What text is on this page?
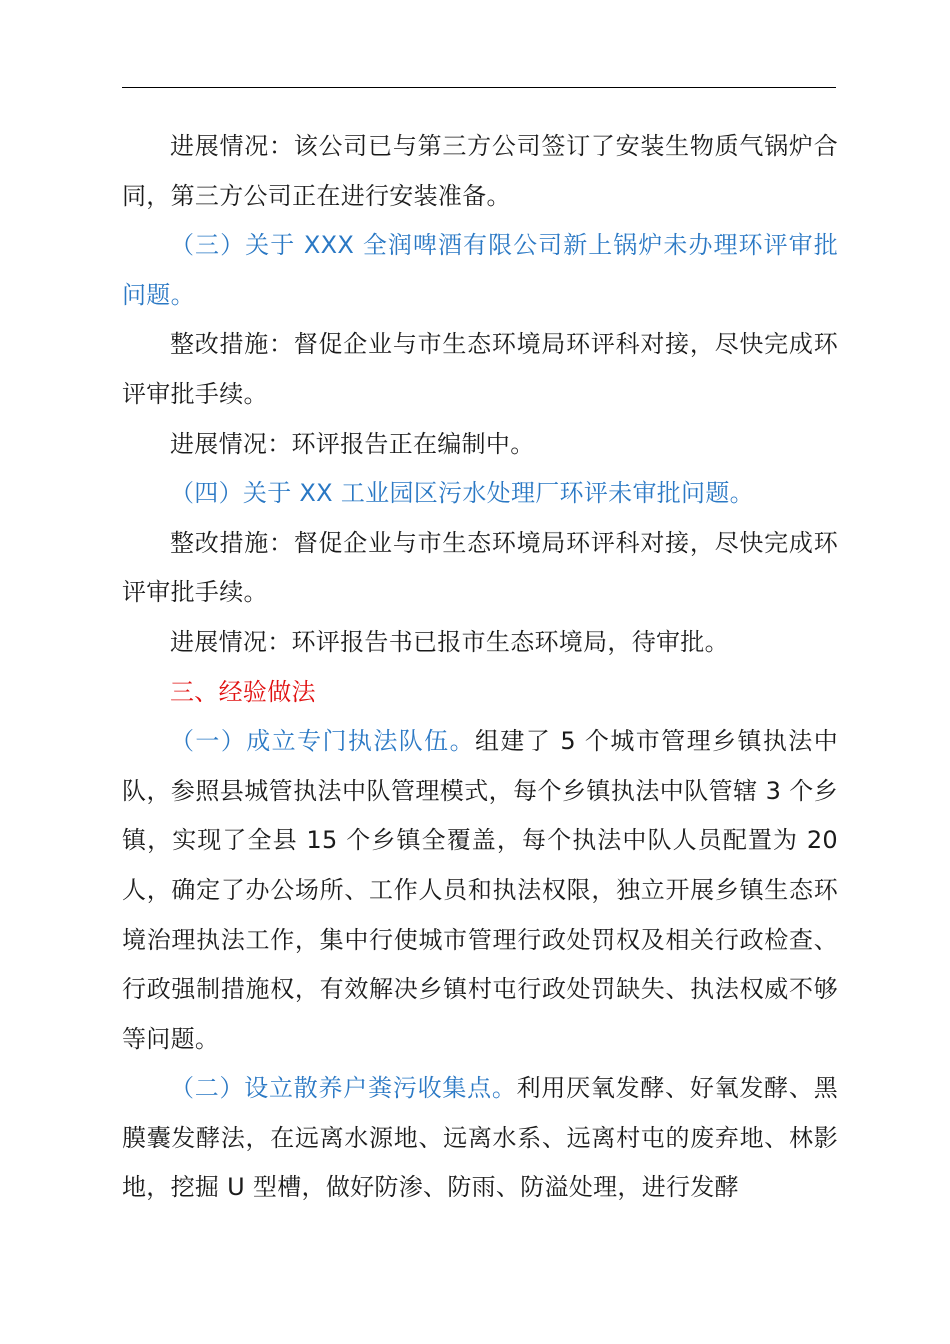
进展情况：该公司已与第三方公司签订了安装生物质气锅炉合同，第三方公司正在进行安装准备。

（三）关于 XXX 全润啤酒有限公司新上锅炉未办理环评审批问题。

整改措施：督促企业与市生态环境局环评科对接，尽快完成环评审批手续。

进展情况：环评报告正在编制中。

（四）关于 XX 工业园区污水处理厂环评未审批问题。

整改措施：督促企业与市生态环境局环评科对接，尽快完成环评审批手续。

进展情况：环评报告书已报市生态环境局，待审批。

三、经验做法

（一）成立专门执法队伍。组建了 5 个城市管理乡镇执法中队，参照县城管执法中队管理模式，每个乡镇执法中队管辖 3 个乡镇，实现了全县 15 个乡镇全覆盖，每个执法中队人员配置为 20 人，确定了办公场所、工作人员和执法权限，独立开展乡镇生态环境治理执法工作，集中行使城市管理行政处罚权及相关行政检查、行政强制措施权，有效解决乡镇村屯行政处罚缺失、执法权威不够等问题。

（二）设立散养户粪污收集点。利用厌氧发酵、好氧发酵、黑膜囊发酵法，在远离水源地、远离水系、远离村屯的废弃地、林影地，挖掘 U 型槽，做好防渗、防雨、防溢处理，进行发酵
